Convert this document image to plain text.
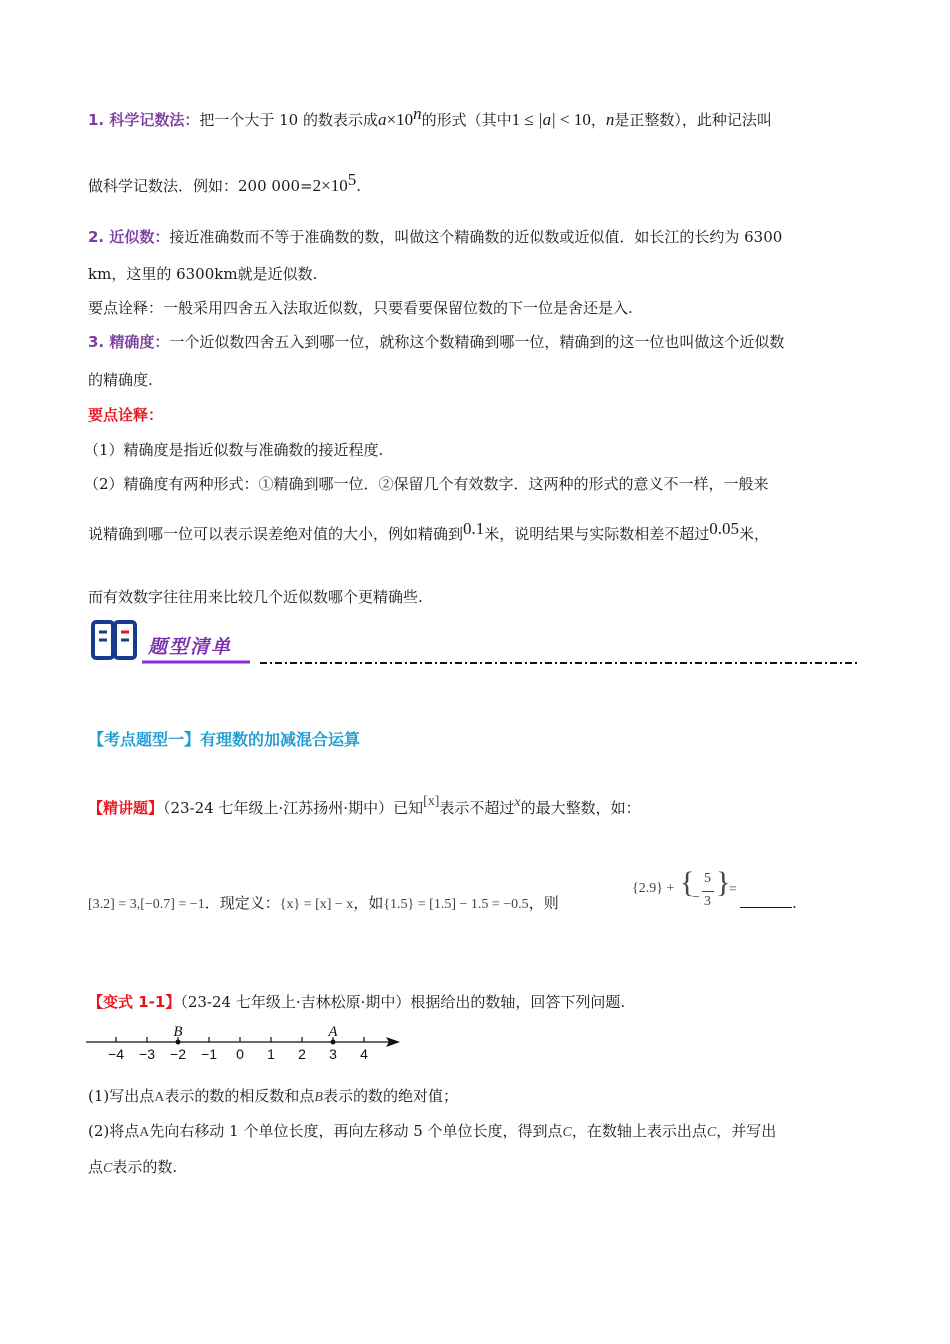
1. 科学记数法：把一个大于 10 的数表示成$a\times 10^n$的形式（其中1 ≤ |a| < 10，n是正整数），此种记法叫
做科学记数法．例如：200 $000=2\times 10^5$.
2. 近似数：接近准确数而不等于准确数的数，叫做这个精确数的近似数或近似值．如长江的长约为 6300
km，这里的 6300km就是近似数.
要点诠释：一般采用四舍五入法取近似数，只要看要保留位数的下一位是舍还是入.
3. 精确度：一个近似数四舍五入到哪一位，就称这个数精确到哪一位，精确到的这一位也叫做这个近似数
的精确度.
要点诠释：
（1）精确度是指近似数与准确数的接近程度.
（2）精确度有两种形式：①精确到哪一位．②保留几个有效数字．这两种的形式的意义不一样，一般来
说精确到哪一位可以表示误差绝对值的大小，例如精确到0.1米，说明结果与实际数相差不超过0.05米，
而有效数字往往用来比较几个近似数哪个更精确些.
题型清单
【考点题型一】有理数的加减混合运算
【精讲题】（23-24 七年级上·江苏扬州·期中）已知[x]表示不超过x的最大整数，如：
[3.2] = 3,[−0.7] = −1．现定义：{x} = [x] − x，如{1.5} = [1.5] − 1.5 = −0.5，则
{2.9} + {
−
5
3
}
=
.
【变式 1-1】（23-24 七年级上·吉林松原·期中）根据给出的数轴，回答下列问题.
−4 −3 −2 −1 0 1 2 3 4
B	A
(1)写出点A表示的数的相反数和点B表示的数的绝对值；
(2)将点A先向右移动 1 个单位长度，再向左移动 5 个单位长度，得到点C，在数轴上表示出点C，并写出
点C表示的数.
